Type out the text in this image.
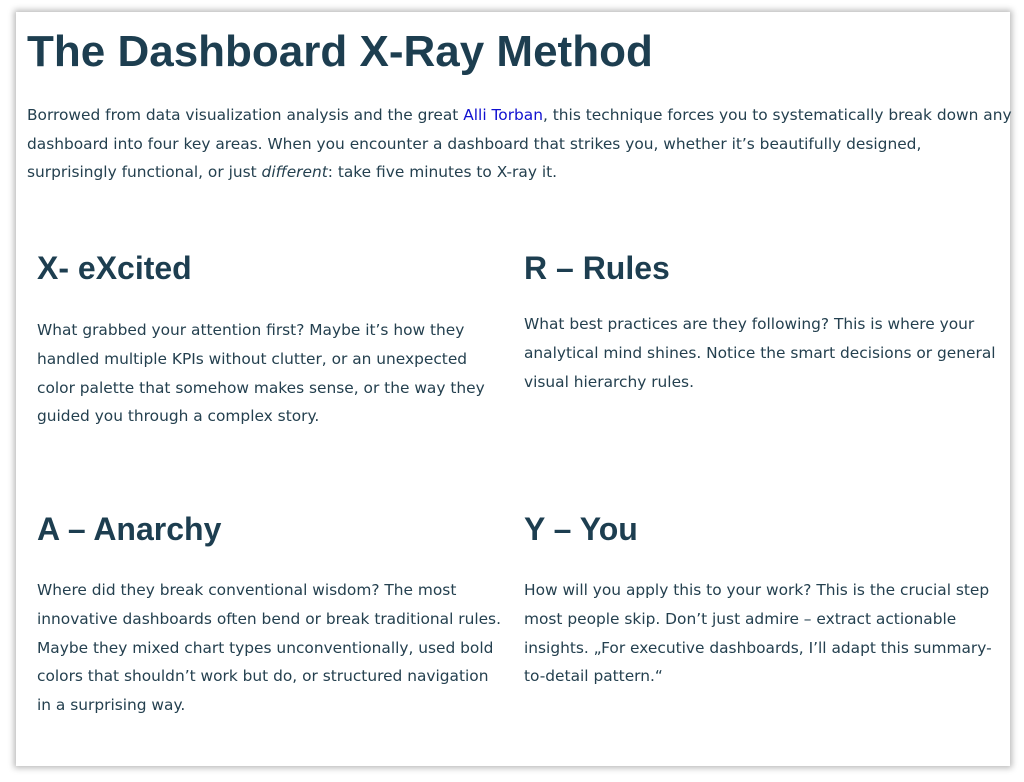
The Dashboard X-Ray Method

Borrowed from data visualization analysis and the great Alli Torban, this technique forces you to systematically break down any dashboard into four key areas. When you encounter a dashboard that strikes you, whether it’s beautifully designed, surprisingly functional, or just different: take five minutes to X-ray it.

X- eXcited

What grabbed your attention first? Maybe it’s how they handled multiple KPIs without clutter, or an unexpected color palette that somehow makes sense, or the way they guided you through a complex story.

R – Rules

What best practices are they following? This is where your analytical mind shines. Notice the smart decisions or general visual hierarchy rules.

A – Anarchy

Where did they break conventional wisdom? The most innovative dashboards often bend or break traditional rules. Maybe they mixed chart types unconventionally, used bold colors that shouldn’t work but do, or structured navigation in a surprising way.

Y – You

How will you apply this to your work? This is the crucial step most people skip. Don’t just admire – extract actionable insights. „For executive dashboards, I’ll adapt this summary-to-detail pattern.“
